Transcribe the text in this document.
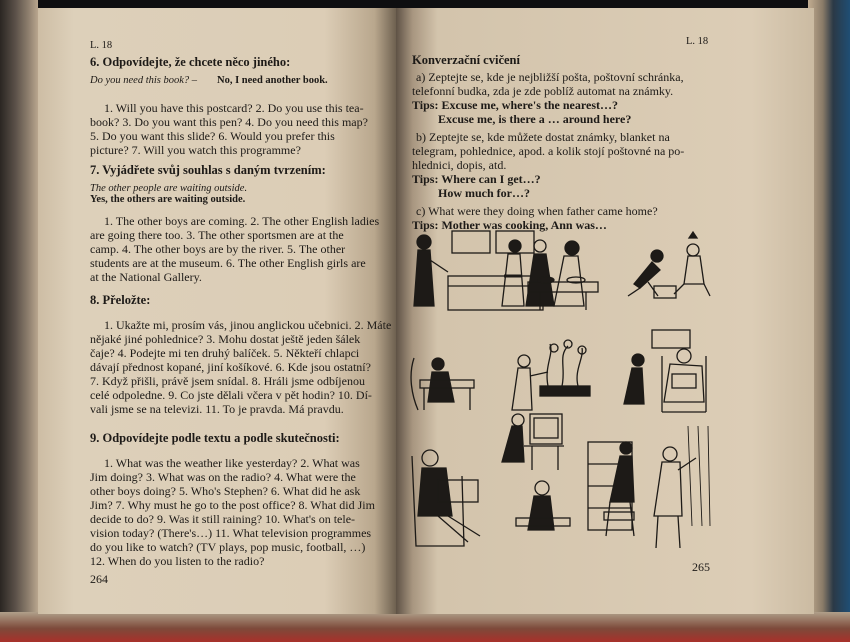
L. 18
6. Odpovídejte, že chcete něco jiného:
Do you need this book? – No, I need another book.
1. Will you have this postcard? 2. Do you use this tea-
book? 3. Do you want this pen? 4. Do you need this map?
5. Do you want this slide? 6. Would you prefer this
picture? 7. Will you watch this programme?
7. Vyjádřete svůj souhlas s daným tvrzením:
The other people are waiting outside.
Yes, the others are waiting outside.
1. The other boys are coming. 2. The other English ladies
are going there too. 3. The other sportsmen are at the
camp. 4. The other boys are by the river. 5. The other
students are at the museum. 6. The other English girls are
at the National Gallery.
8. Přeložte:
1. Ukažte mi, prosím vás, jinou anglickou učebnici. 2. Máte
nějaké jiné pohlednice? 3. Mohu dostat ještě jeden šálek
čaje? 4. Podejte mi ten druhý balíček. 5. Někteří chlapci
dávají přednost kopané, jiní košíkové. 6. Kde jsou ostatní?
7. Když přišli, právě jsem snídal. 8. Hráli jsme odbíjenou
celé odpoledne. 9. Co jste dělali včera v pět hodin? 10. Dí-
vali jsme se na televizi. 11. To je pravda. Má pravdu.
9. Odpovídejte podle textu a podle skutečnosti:
1. What was the weather like yesterday? 2. What was
Jim doing? 3. What was on the radio? 4. What were the
other boys doing? 5. Who's Stephen? 6. What did he ask
Jim? 7. Why must he go to the post office? 8. What did Jim
decide to do? 9. Was it still raining? 10. What's on tele-
vision today? (There's…) 11. What television programmes
do you like to watch? (TV plays, pop music, football, …)
12. When do you listen to the radio?
264
L. 18
Konverzační cvičení
a) Zeptejte se, kde je nejbližší pošta, poštovní schránka,
telefonní budka, zda je zde poblíž automat na známky.
Tips: Excuse me, where's the nearest…?
Excuse me, is there a … around here?
b) Zeptejte se, kde můžete dostat známky, blanket na
telegram, pohlednice, apod. a kolik stojí poštovné na po-
hlednici, dopis, atd.
Tips: Where can I get…?
How much for…?
c) What were they doing when father came home?
Tips: Mother was cooking, Ann was…
265
